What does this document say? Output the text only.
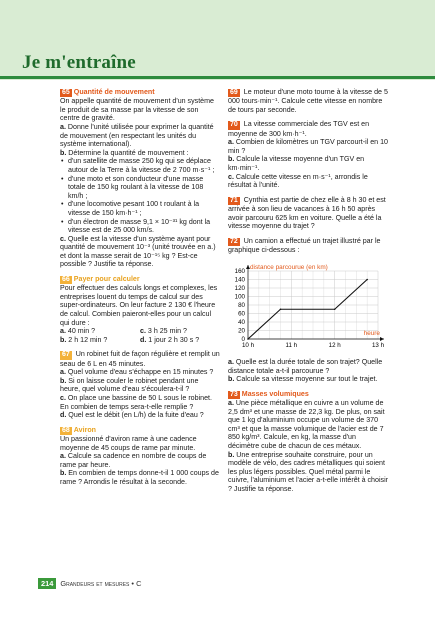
Je m'entraîne

65 Quantité de mouvement

On appelle quantité de mouvement d'un système le produit de sa masse par la vitesse de son centre de gravité.

a. Donne l'unité utilisée pour exprimer la quantité de mouvement (en respectant les unités du système international).

b. Détermine la quantité de mouvement :

• d'un satellite de masse 250 kg qui se déplace autour de la Terre à la vitesse de 2 700 m·s⁻¹ ;
• d'une moto et son conducteur d'une masse totale de 150 kg roulant à la vitesse de 108 km/h ;
• d'une locomotive pesant 100 t roulant à la vitesse de 150 km·h⁻¹ ;
• d'un électron de masse 9,1 × 10⁻³¹ kg dont la vitesse est de 25 000 km/s.

c. Quelle est la vitesse d'un système ayant pour quantité de mouvement 10⁻³ (unité trouvée en a.) et dont la masse serait de 10⁻¹⁵ kg ? Est-ce possible ? Justifie ta réponse.

66 Payer pour calculer

Pour effectuer des calculs longs et complexes, les entreprises louent du temps de calcul sur des super-ordinateurs. On leur facture 2 130 € l'heure de calcul. Combien paieront-elles pour un calcul qui dure :

a. 40 min ?	c. 3 h 25 min ?
b. 2 h 12 min ?	d. 1 jour 2 h 30 s ?

67 Un robinet fuit de façon régulière et remplit un seau de 6 L en 45 minutes.

a. Quel volume d'eau s'échappe en 15 minutes ?

b. Si on laisse couler le robinet pendant une heure, quel volume d'eau s'écoulera-t-il ?

c. On place une bassine de 50 L sous le robinet. En combien de temps sera-t-elle remplie ?

d. Quel est le débit (en L/h) de la fuite d'eau ?

68 Aviron

Un passionné d'aviron rame à une cadence moyenne de 45 coups de rame par minute.

a. Calcule sa cadence en nombre de coups de rame par heure.

b. En combien de temps donne-t-il 1 000 coups de rame ? Arrondis le résultat à la seconde.

69 Le moteur d'une moto tourne à la vitesse de 5 000 tours·min⁻¹. Calcule cette vitesse en nombre de tours par seconde.

70 La vitesse commerciale des TGV est en moyenne de 300 km·h⁻¹.

a. Combien de kilomètres un TGV parcourt-il en 10 min ?

b. Calcule la vitesse moyenne d'un TGV en km·min⁻¹.

c. Calcule cette vitesse en m·s⁻¹, arrondis le résultat à l'unité.

71 Cynthia est partie de chez elle à 8 h 30 et est arrivée à son lieu de vacances à 16 h 50 après avoir parcouru 625 km en voiture. Quelle a été la vitesse moyenne du trajet ?

72 Un camion a effectué un trajet illustré par le graphique ci-dessous :

10 h	11 h	12 h	13 h
0
20
40
60
80
100
120
140
160
distance parcourue (en km)
heure

a. Quelle est la durée totale de son trajet? Quelle distance totale a-t-il parcourue ?

b. Calcule sa vitesse moyenne sur tout le trajet.

73 Masses volumiques

a. Une pièce métallique en cuivre a un volume de 2,5 dm³ et une masse de 22,3 kg. De plus, on sait que 1 kg d'aluminium occupe un volume de 370 cm³ et que la masse volumique de l'acier est de 7 850 kg/m³. Calcule, en kg, la masse d'un décimètre cube de chacun de ces métaux.

b. Une entreprise souhaite construire, pour un modèle de vélo, des cadres métalliques qui soient les plus légers possibles. Quel métal parmi le cuivre, l'aluminium et l'acier a-t-elle intérêt à choisir ? Justifie ta réponse.

214 Grandeurs et mesures • C
